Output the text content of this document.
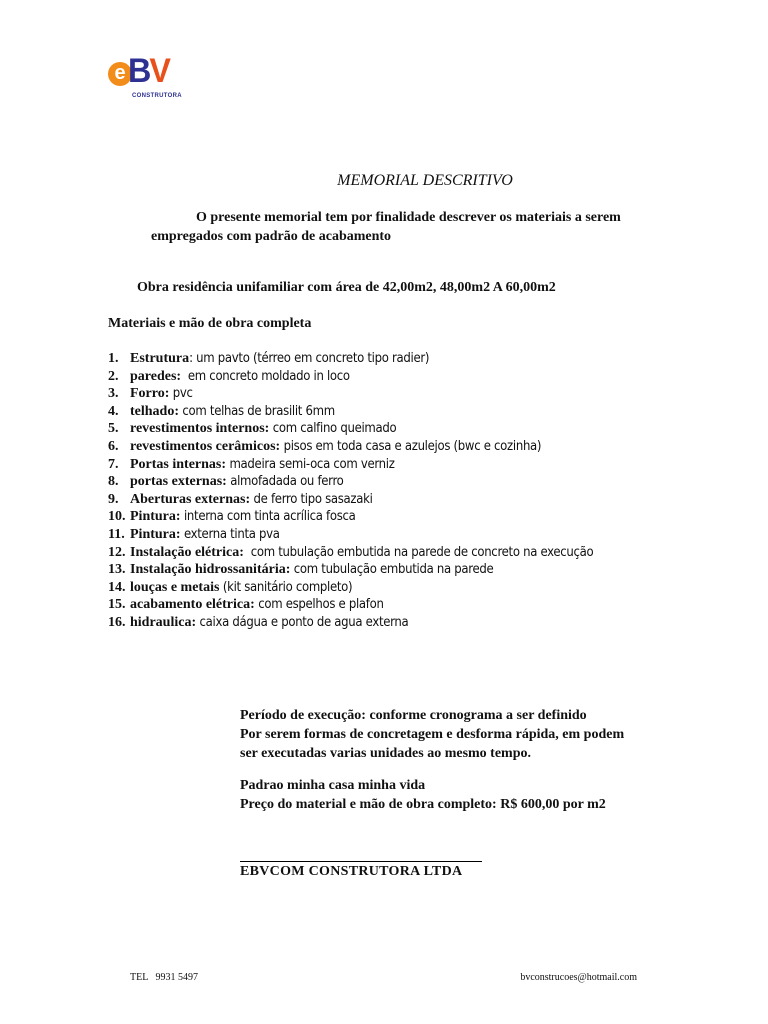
e BV
CONSTRUTORA
MEMORIAL DESCRITIVO
O presente memorial tem por finalidade descrever os materiais a serem
empregados com padrão de acabamento
Obra residência unifamiliar com área de 42,00m2, 48,00m2 A 60,00m2
Materiais e mão de obra completa
1. Estrutura: um pavto (térreo em concreto tipo radier)
2. paredes:  em concreto moldado in loco
3. Forro: pvc
4. telhado: com telhas de brasilit 6mm
5. revestimentos internos: com calfino queimado
6. revestimentos cerâmicos: pisos em toda casa e azulejos (bwc e cozinha)
7. Portas internas: madeira semi-oca com verniz
8. portas externas: almofadada ou ferro
9. Aberturas externas: de ferro tipo sasazaki
10. Pintura: interna com tinta acrílica fosca
11. Pintura: externa tinta pva
12. Instalação elétrica:  com tubulação embutida na parede de concreto na execução
13. Instalação hidrossanitária: com tubulação embutida na parede
14. louças e metais (kit sanitário completo)
15. acabamento elétrica: com espelhos e plafon
16. hidraulica: caixa dágua e ponto de agua externa
Período de execução: conforme cronograma a ser definido
Por serem formas de concretagem e desforma rápida, em podem
ser executadas varias unidades ao mesmo tempo.
Padrao minha casa minha vida
Preço do material e mão de obra completo: R$ 600,00 por m2
EBVCOM CONSTRUTORA LTDA
TEL   9931 5497	bvconstrucoes@hotmail.com
